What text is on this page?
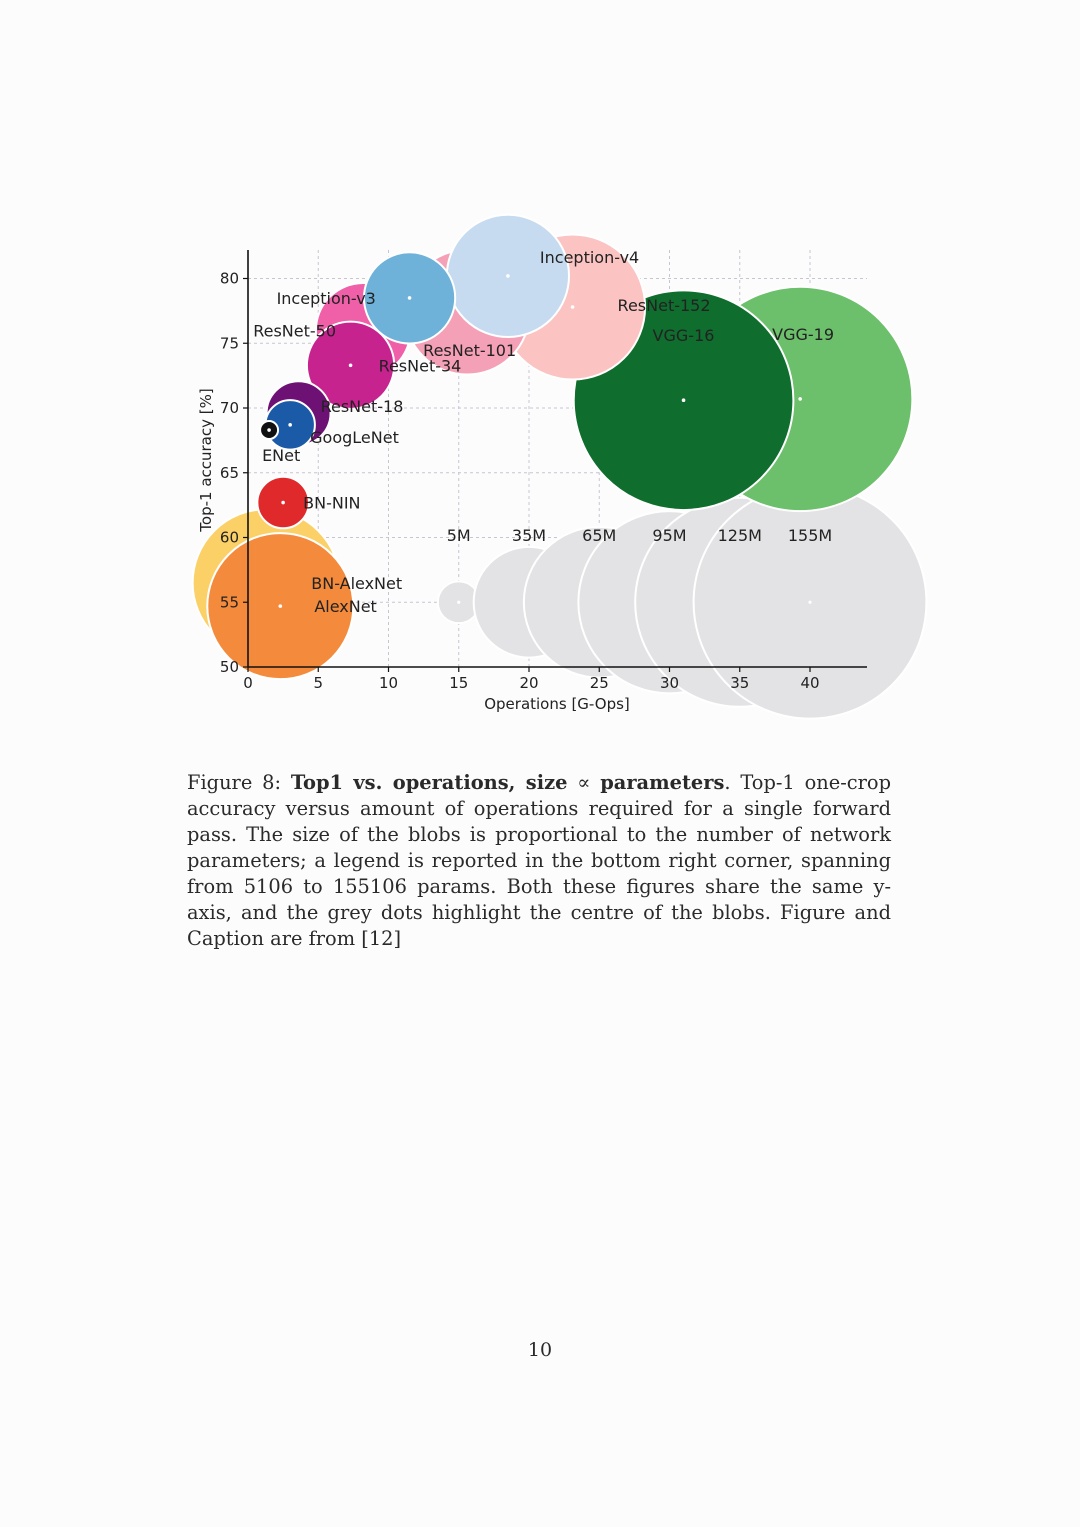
5M	35M 65M 95M 125M 155M
AlexNet
BN-AlexNet
BN-NIN
ENet
GoogLeNet
ResNet-18
ResNet-34
ResNet-50
ResNet-101
ResNet-152
Inception-v3
Inception-v4
VGG-16	VGG-19
0	5	10	15	20	25	30	35	40
50
55
60
65
70
75
80
Operations [G-Ops]
Top-1 accuracy [%]
Figure 8: Top1 vs. operations, size ∝ parameters. Top-1 one-crop accuracy versus amount of operations required for a single forward pass. The size of the blobs is proportional to the number of network parameters; a legend is reported in the bottom right corner, spanning from 5106 to 155106 params. Both these figures share the same y-axis, and the grey dots highlight the centre of the blobs. Figure and Caption are from [12]
10
